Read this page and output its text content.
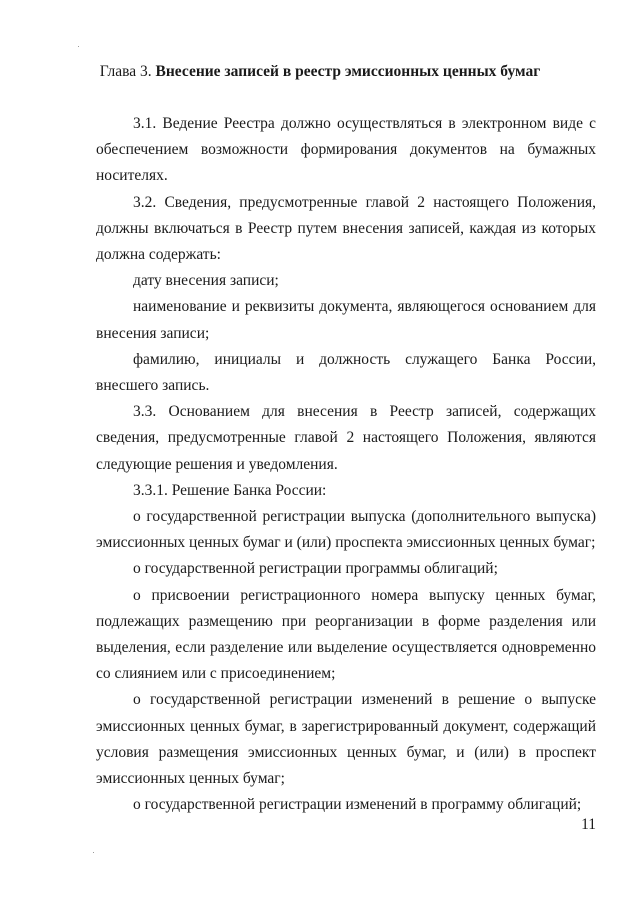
Глава 3. Внесение записей в реестр эмиссионных ценных бумаг

3.1. Ведение Реестра должно осуществляться в электронном виде с обеспечением возможности формирования документов на бумажных носителях.

3.2. Сведения, предусмотренные главой 2 настоящего Положения, должны включаться в Реестр путем внесения записей, каждая из которых должна содержать:

дату внесения записи;

наименование и реквизиты документа, являющегося основанием для внесения записи;

фамилию, инициалы и должность служащего Банка России, внесшего запись.

3.3. Основанием для внесения в Реестр записей, содержащих сведения, предусмотренные главой 2 настоящего Положения, являются следующие решения и уведомления.

3.3.1. Решение Банка России:

о государственной регистрации выпуска (дополнительного выпуска) эмиссионных ценных бумаг и (или) проспекта эмиссионных ценных бумаг;

о государственной регистрации программы облигаций;

о присвоении регистрационного номера выпуску ценных бумаг, подлежащих размещению при реорганизации в форме разделения или выделения, если разделение или выделение осуществляется одновременно со слиянием или с присоединением;

о государственной регистрации изменений в решение о выпуске эмиссионных ценных бумаг, в зарегистрированный документ, содержащий условия размещения эмиссионных ценных бумаг, и (или) в проспект эмиссионных ценных бумаг;

о государственной регистрации изменений в программу облигаций;

11
